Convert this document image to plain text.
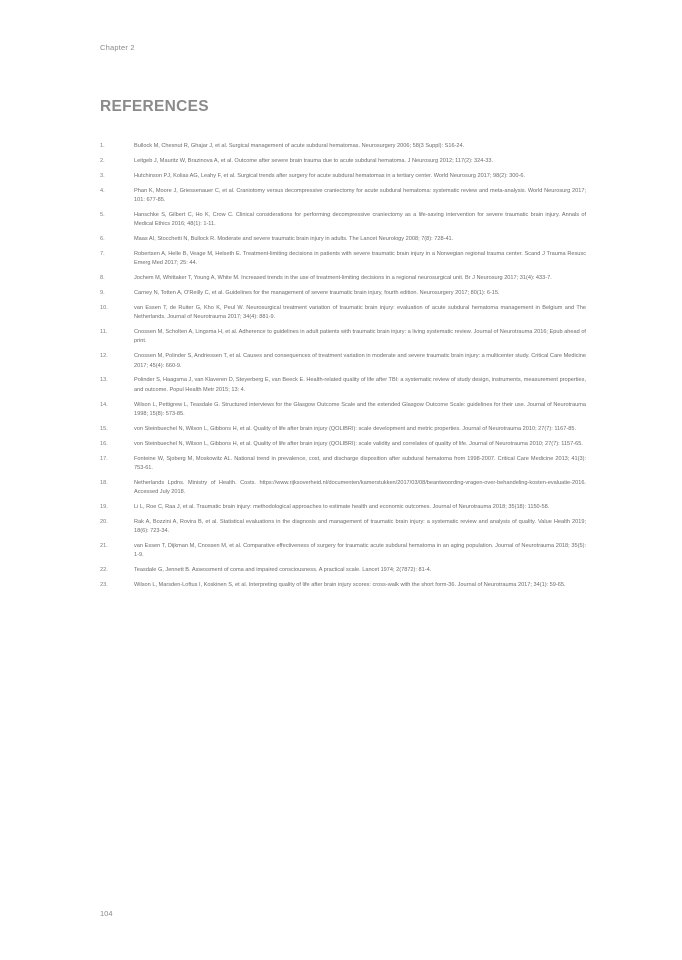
Chapter 2
REFERENCES
1.	Bullock M, Chesnut R, Ghajar J, et al. Surgical management of acute subdural hematomas. Neurosurgery 2006; 58(3 Suppl): S16-24.
2.	Leitgeb J, Mauritz W, Brazinova A, et al. Outcome after severe brain trauma due to acute subdural hematoma. J Neurosurg 2012; 117(2): 324-33.
3.	Hutchinson PJ, Kolias AG, Leahy F, et al. Surgical trends after surgery for acute subdural hematomas in a tertiary center. World Neurosurg 2017; 98(2): 300-6.
4.	Phan K, Moore J, Griessenauer C, et al. Craniotomy versus decompressive craniectomy for acute subdural hematoma: systematic review and meta-analysis. World Neurosurg 2017; 101: 677-85.
5.	Hanschke S, Gilbert C, Ho K, Crow C. Clinical considerations for performing decompressive craniectomy as a life-saving intervention for severe traumatic brain injury. Annals of Medical Ethics 2016; 48(1): 1-11.
6.	Maas AI, Stocchetti N, Bullock R. Moderate and severe traumatic brain injury in adults. The Lancet Neurology 2008; 7(8): 728-41.
7.	Robertsen A, Helle B, Veage M, Helseth E. Treatment-limiting decisions in patients with severe traumatic brain injury in a Norwegian regional trauma center. Scand J Trauma Resusc Emerg Med 2017; 25: 44.
8.	Jochem M, Whittaker T, Young A, White M. Increased trends in the use of treatment-limiting decisions in a regional neurosurgical unit. Br J Neurosurg 2017; 31(4): 433-7.
9.	Carney N, Totten A, O'Reilly C, et al. Guidelines for the management of severe traumatic brain injury, fourth edition. Neurosurgery 2017; 80(1): 6-15.
10.	van Essen T, de Ruiter G, Kho K, Peul W. Neurosurgical treatment variation of traumatic brain injury: evaluation of acute subdural hematoma management in Belgium and The Netherlands. Journal of Neurotrauma 2017; 34(4): 881-9.
11.	Cnossen M, Scholten A, Lingsma H, et al. Adherence to guidelines in adult patients with traumatic brain injury: a living systematic review. Journal of Neurotrauma 2016; Epub ahead of print.
12.	Cnossen M, Polinder S, Andriessen T, et al. Causes and consequences of treatment variation in moderate and severe traumatic brain injury: a multicenter study. Critical Care Medicine 2017; 45(4): 660-9.
13.	Polinder S, Haagsma J, van Klaveren D, Steyerberg E, van Beeck E. Health-related quality of life after TBI: a systematic review of study design, instruments, measurement properties, and outcome. Popul Health Metr 2015; 13: 4.
14.	Wilson L, Pettigrew L, Teasdale G. Structured interviews for the Glasgow Outcome Scale and the extended Glasgow Outcome Scale: guidelines for their use. Journal of Neurotrauma 1998; 15(8): 573-85.
15.	von Steinbuechel N, Wilson L, Gibbons H, et al. Quality of life after brain injury (QOLIBRI): scale development and metric properties. Journal of Neurotrauma 2010; 27(7): 1167-85.
16.	von Steinbuechel N, Wilson L, Gibbons H, et al. Quality of life after brain injury (QOLIBRI): scale validity and correlates of quality of life. Journal of Neurotrauma 2010; 27(7): 1157-65.
17.	Fonteine W, Sjoberg M, Moskowitz AL. National trend in prevalence, cost, and discharge disposition after subdural hematoma from 1998-2007. Critical Care Medicine 2013; 41(3): 753-61.
18.	Netherlands Lpdns. Ministry of Health. Costs. https://www.rijksoverheid.nl/documenten/kamerstukken/2017/03/08/beantwoording-vragen-over-behandeling-kosten-evaluatie-2016. Accessed July 2018.
19.	Li L, Roe C, Raa J, et al. Traumatic brain injury: methodological approaches to estimate health and economic outcomes. Journal of Neurotrauma 2018; 35(18): 1150-58.
20.	Rak A, Bozzini A, Rovira B, et al. Statistical evaluations in the diagnosis and management of traumatic brain injury: a systematic review and analysis of quality. Value Health 2019; 18(6): 723-34.
21.	van Essen T, Dijkman M, Cnossen M, et al. Comparative effectiveness of surgery for traumatic acute subdural hematoma in an aging population. Journal of Neurotrauma 2018; 35(5): 1-9.
22.	Teasdale G, Jennett B. Assessment of coma and impaired consciousness. A practical scale. Lancet 1974; 2(7872): 81-4.
23.	Wilson L, Marsden-Loftus I, Koskinen S, et al. Interpreting quality of life after brain injury scores: cross-walk with the short form-36. Journal of Neurotrauma 2017; 34(1): 59-65.
104
